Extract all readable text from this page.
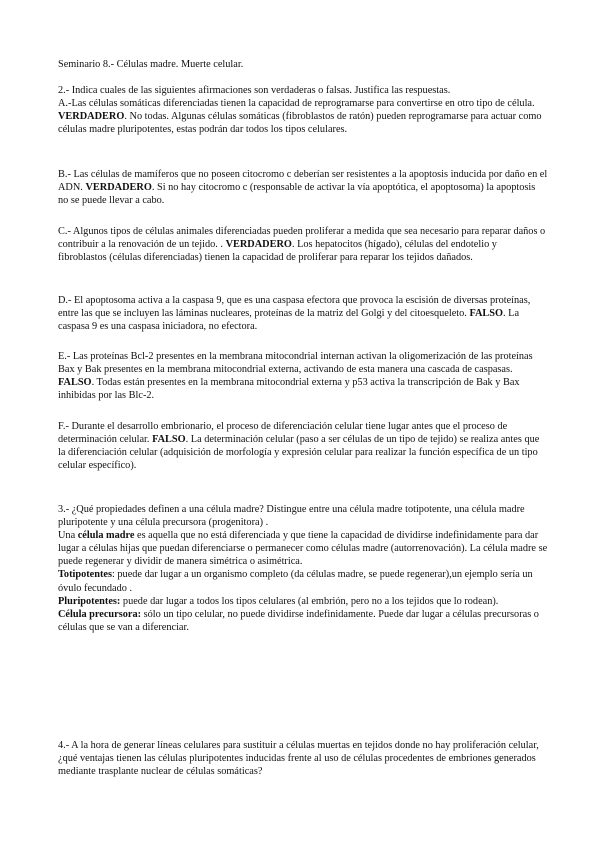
Seminario 8.- Células madre. Muerte celular.

2.- Indica cuales de las siguientes afirmaciones son verdaderas o falsas. Justifica las respuestas.

A.-Las células somáticas diferenciadas tienen la capacidad de reprogramarse para convertirse en otro tipo de célula. VERDADERO. No todas. Algunas células somáticas (fibroblastos de ratón) pueden reprogramarse para actuar como células madre pluripotentes, estas podrán dar todos los tipos celulares.

B.- Las células de mamíferos que no poseen citocromo c deberían ser resistentes a la apoptosis inducida por daño en el ADN. VERDADERO. Si no hay citocromo c (responsable de activar la vía apoptótica, el apoptosoma) la apoptosis no se puede llevar a cabo.

C.- Algunos tipos de células animales diferenciadas pueden proliferar a medida que sea necesario para reparar daños o contribuir a la renovación de un tejido. . VERDADERO. Los hepatocitos (hígado), células del endotelio y fibroblastos (células diferenciadas) tienen la capacidad de proliferar para reparar los tejidos dañados.

D.- El apoptosoma activa a la caspasa 9, que es una caspasa efectora que provoca la escisión de diversas proteínas, entre las que se incluyen las láminas nucleares, proteínas de la matriz del Golgi y del citoesqueleto. FALSO. La caspasa 9 es una caspasa iniciadora, no efectora.

E.- Las proteínas Bcl-2 presentes en la membrana mitocondrial internan activan la oligomerización de las proteínas Bax y Bak presentes en la membrana mitocondrial externa, activando de esta manera una cascada de caspasas. FALSO. Todas están presentes en la membrana mitocondrial externa y p53 activa la transcripción de Bak y Bax inhibidas por las Blc-2.

F.- Durante el desarrollo embrionario, el proceso de diferenciación celular tiene lugar antes que el proceso de determinación celular. FALSO. La determinación celular (paso a ser células de un tipo de tejido) se realiza antes que la diferenciación celular (adquisición de morfología y expresión celular para realizar la función específica de un tipo celular específico).

3.- ¿Qué propiedades definen a una célula madre? Distingue entre una célula madre totipotente, una célula madre pluripotente y una célula precursora (progenitora) .

Una célula madre es aquella que no está diferenciada y que tiene la capacidad de dividirse indefinidamente para dar lugar a células hijas que puedan diferenciarse o permanecer como células madre (autorrenovación). La célula madre se puede regenerar y dividir de manera simétrica o asimétrica.

Totipotentes: puede dar lugar a un organismo completo (da células madre, se puede regenerar),un ejemplo sería un óvulo fecundado .

Pluripotentes: puede dar lugar a todos los tipos celulares (al embrión, pero no a los tejidos que lo rodean).

Célula precursora: sólo un tipo celular, no puede dividirse indefinidamente. Puede dar lugar a células precursoras o células que se van a diferenciar.

4.- A la hora de generar líneas celulares para sustituir a células muertas en tejidos donde no hay proliferación celular, ¿qué ventajas tienen las células pluripotentes inducidas frente al uso de células procedentes de embriones generados mediante trasplante nuclear de células somáticas?
